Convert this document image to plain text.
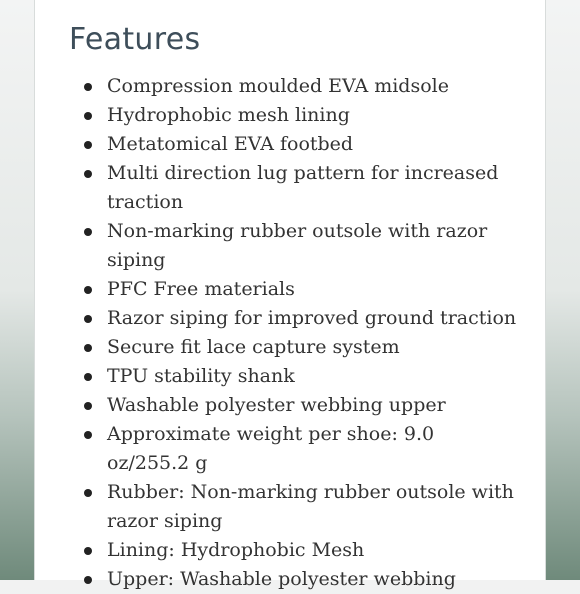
Features
Compression moulded EVA midsole
Hydrophobic mesh lining
Metatomical EVA footbed
Multi direction lug pattern for increased traction
Non-marking rubber outsole with razor siping
PFC Free materials
Razor siping for improved ground traction
Secure fit lace capture system
TPU stability shank
Washable polyester webbing upper
Approximate weight per shoe: 9.0 oz/255.2 g
Rubber: Non-marking rubber outsole with razor siping
Lining: Hydrophobic Mesh
Upper: Washable polyester webbing
